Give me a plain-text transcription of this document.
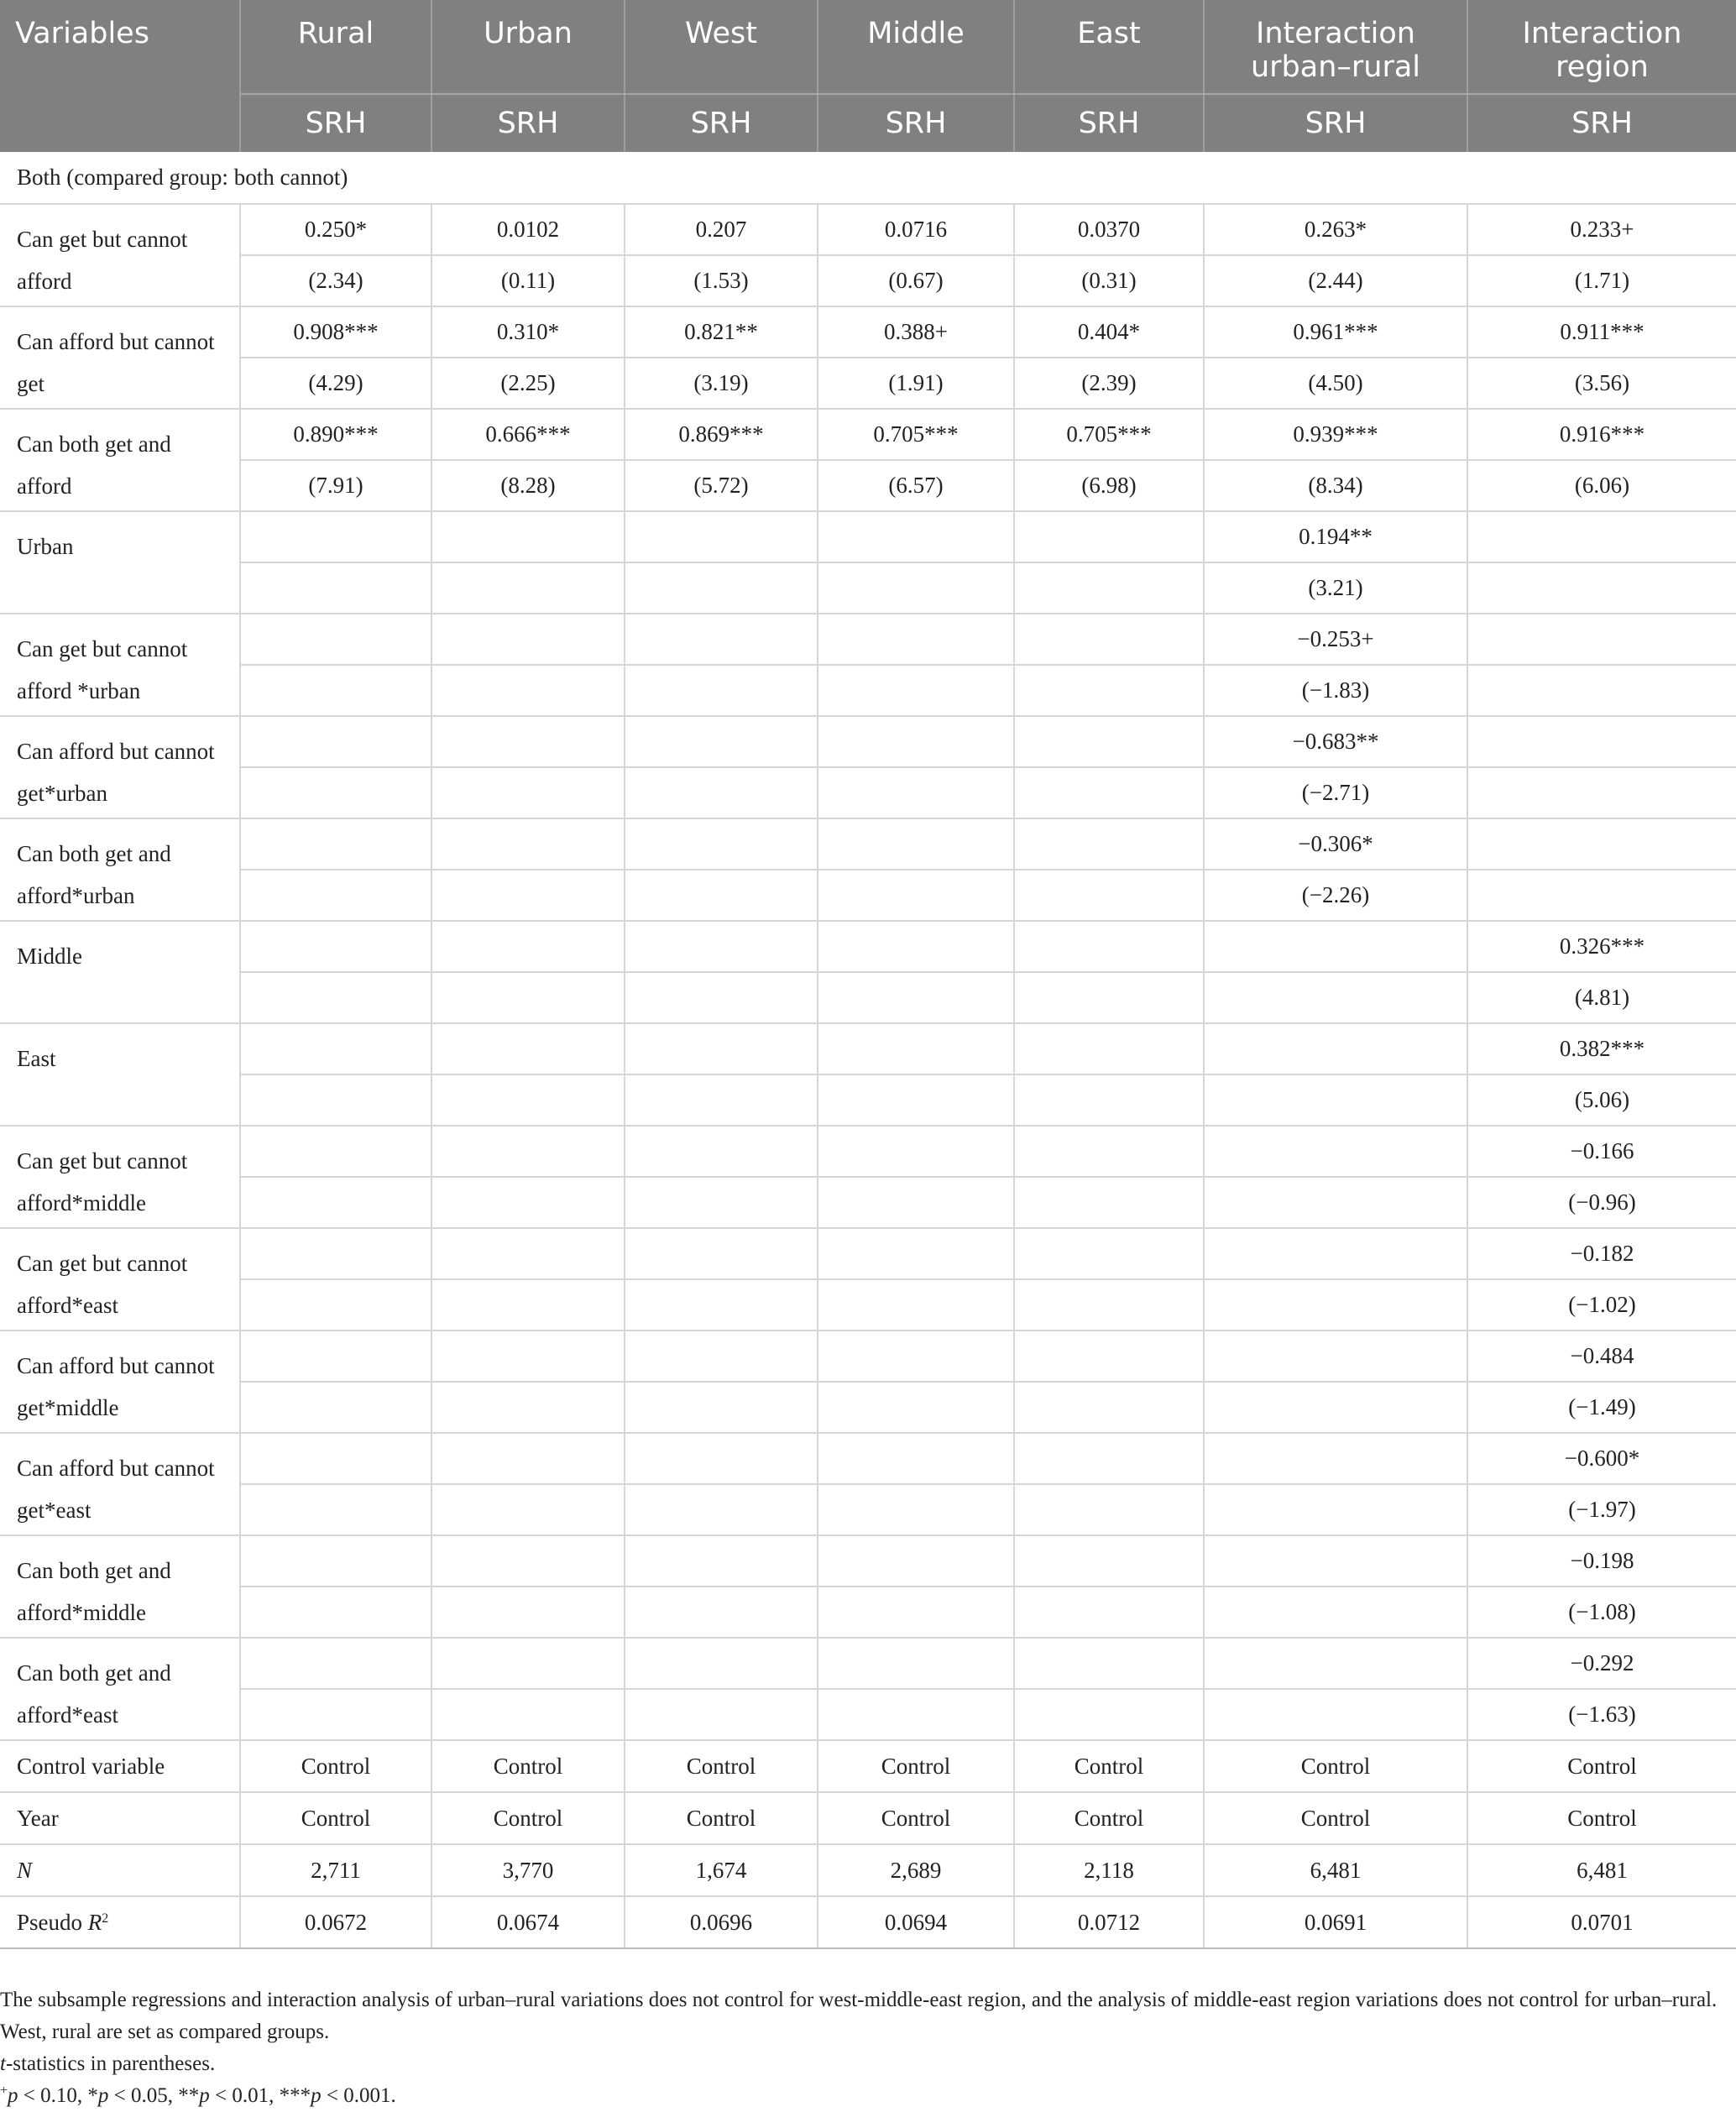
Variables	Rural	Urban	West	Middle	East	Interaction urban–rural	Interaction region
	SRH	SRH	SRH	SRH	SRH	SRH	SRH
Both (compared group: both cannot)							
Can get but cannot afford	0.250*	0.0102	0.207	0.0716	0.0370	0.263*	0.233+
	(2.34)	(0.11)	(1.53)	(0.67)	(0.31)	(2.44)	(1.71)
Can afford but cannot get	0.908***	0.310*	0.821**	0.388+	0.404*	0.961***	0.911***
	(4.29)	(2.25)	(3.19)	(1.91)	(2.39)	(4.50)	(3.56)
Can both get and afford	0.890***	0.666***	0.869***	0.705***	0.705***	0.939***	0.916***
	(7.91)	(8.28)	(5.72)	(6.57)	(6.98)	(8.34)	(6.06)
Urban						0.194**	
						(3.21)	
Can get but cannot afford *urban						−0.253+	
						(−1.83)	
Can afford but cannot get*urban						−0.683**	
						(−2.71)	
Can both get and afford*urban						−0.306*	
						(−2.26)	
Middle							0.326***
							(4.81)
East							0.382***
							(5.06)
Can get but cannot afford*middle							−0.166
							(−0.96)
Can get but cannot afford*east							−0.182
							(−1.02)
Can afford but cannot get*middle							−0.484
							(−1.49)
Can afford but cannot get*east							−0.600*
							(−1.97)
Can both get and afford*middle							−0.198
							(−1.08)
Can both get and afford*east							−0.292
							(−1.63)
Control variable	Control	Control	Control	Control	Control	Control	Control
Year	Control	Control	Control	Control	Control	Control	Control
N	2,711	3,770	1,674	2,689	2,118	6,481	6,481
Pseudo $R^2$	0.0672	0.0674	0.0696	0.0694	0.0712	0.0691	0.0701

The subsample regressions and interaction analysis of urban–rural variations does not control for west-middle-east region, and the analysis of middle-east region variations does not control for urban–rural. West, rural are set as compared groups.

t-statistics in parentheses.

+p < 0.10, *p < 0.05, **p < 0.01, ***p < 0.001.
